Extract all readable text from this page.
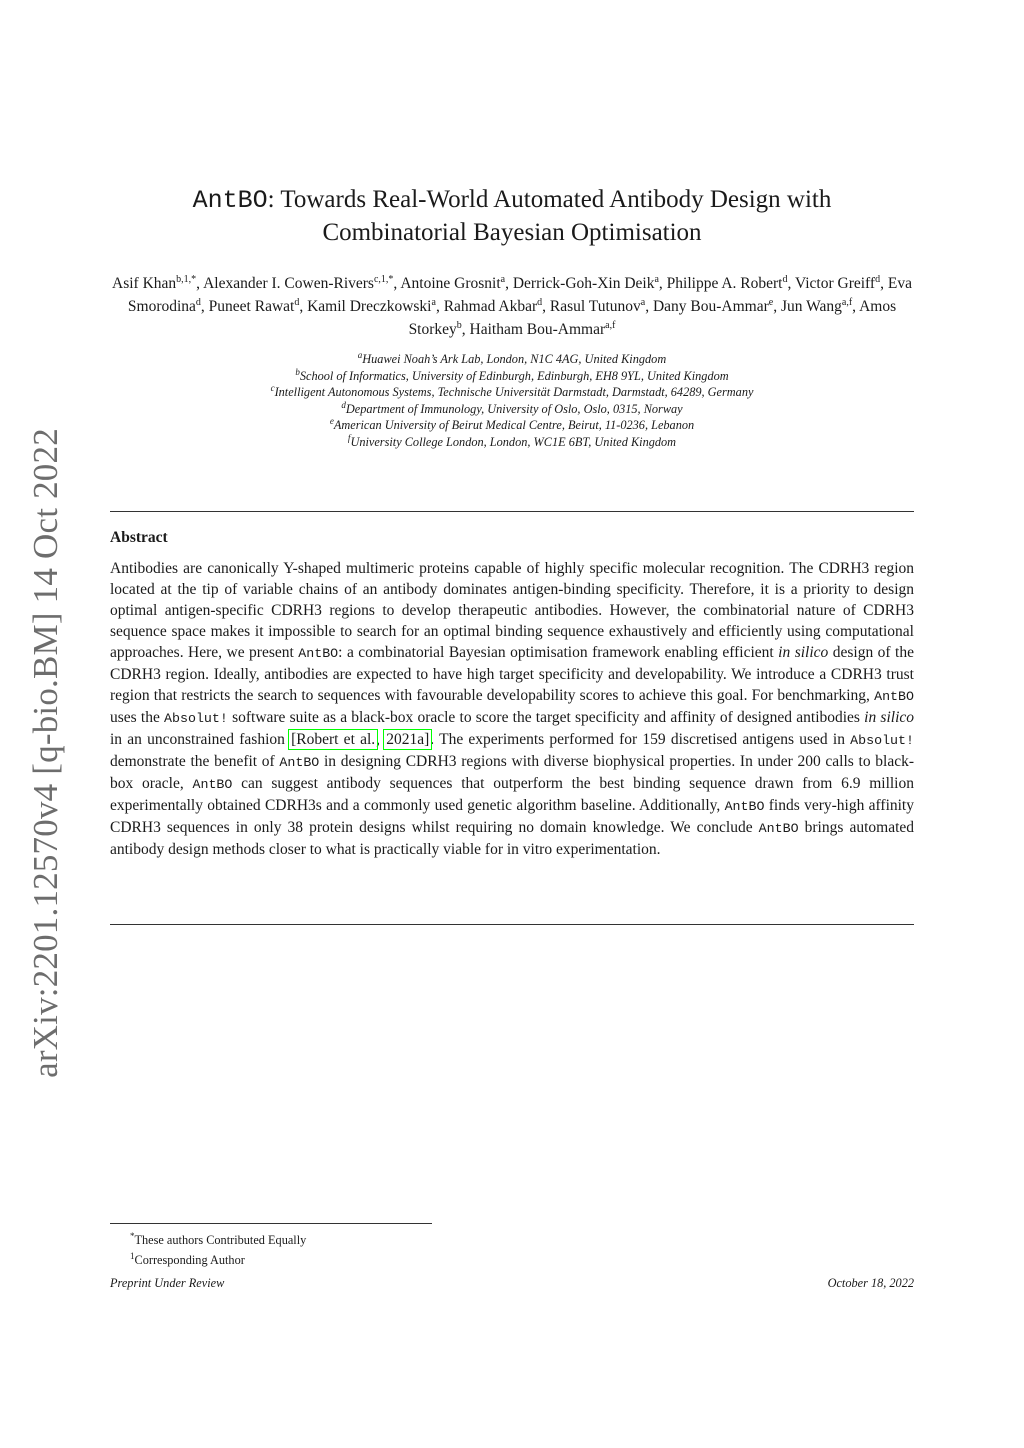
arXiv:2201.12570v4 [q-bio.BM] 14 Oct 2022
AntBO: Towards Real-World Automated Antibody Design with Combinatorial Bayesian Optimisation
Asif Khan$^{b,1,*}$, Alexander I. Cowen-Rivers$^{c,1,*}$, Antoine Grosnit$^a$, Derrick-Goh-Xin Deik$^a$, Philippe A. Robert$^d$, Victor Greiff$^d$, Eva Smorodina$^d$, Puneet Rawat$^d$, Kamil Dreczkowski$^a$, Rahmad Akbar$^d$, Rasul Tutunov$^a$, Dany Bou-Ammar$^e$, Jun Wang$^{a,f}$, Amos Storkey$^b$, Haitham Bou-Ammar$^{a,f}$
$^a$Huawei Noah’s Ark Lab, London, N1C 4AG, United Kingdom
$^b$School of Informatics, University of Edinburgh, Edinburgh, EH8 9YL, United Kingdom
$^c$Intelligent Autonomous Systems, Technische Universität Darmstadt, Darmstadt, 64289, Germany
$^d$Department of Immunology, University of Oslo, Oslo, 0315, Norway
$^e$American University of Beirut Medical Centre, Beirut, 11-0236, Lebanon
$^f$University College London, London, WC1E 6BT, United Kingdom
Abstract
Antibodies are canonically Y-shaped multimeric proteins capable of highly specific molecular recognition. The CDRH3 region located at the tip of variable chains of an antibody dominates antigen-binding specificity. Therefore, it is a priority to design optimal antigen-specific CDRH3 regions to develop therapeutic antibodies. However, the combinatorial nature of CDRH3 sequence space makes it impossible to search for an optimal binding sequence exhaustively and efficiently using computational approaches. Here, we present AntBO: a combinatorial Bayesian optimisation framework enabling efficient in silico design of the CDRH3 region. Ideally, antibodies are expected to have high target specificity and developability. We introduce a CDRH3 trust region that restricts the search to sequences with favourable developability scores to achieve this goal. For benchmarking, AntBO uses the Absolut! software suite as a black-box oracle to score the target specificity and affinity of designed antibodies in silico in an unconstrained fashion [Robert et al., 2021a]. The experiments performed for 159 discretised antigens used in Absolut! demonstrate the benefit of AntBO in designing CDRH3 regions with diverse biophysical properties. In under 200 calls to black-box oracle, AntBO can suggest antibody sequences that outperform the best binding sequence drawn from 6.9 million experimentally obtained CDRH3s and a commonly used genetic algorithm baseline. Additionally, AntBO finds very-high affinity CDRH3 sequences in only 38 protein designs whilst requiring no domain knowledge. We conclude AntBO brings automated antibody design methods closer to what is practically viable for in vitro experimentation.
*These authors Contributed Equally
$^1$Corresponding Author
Preprint Under Review	October 18, 2022
